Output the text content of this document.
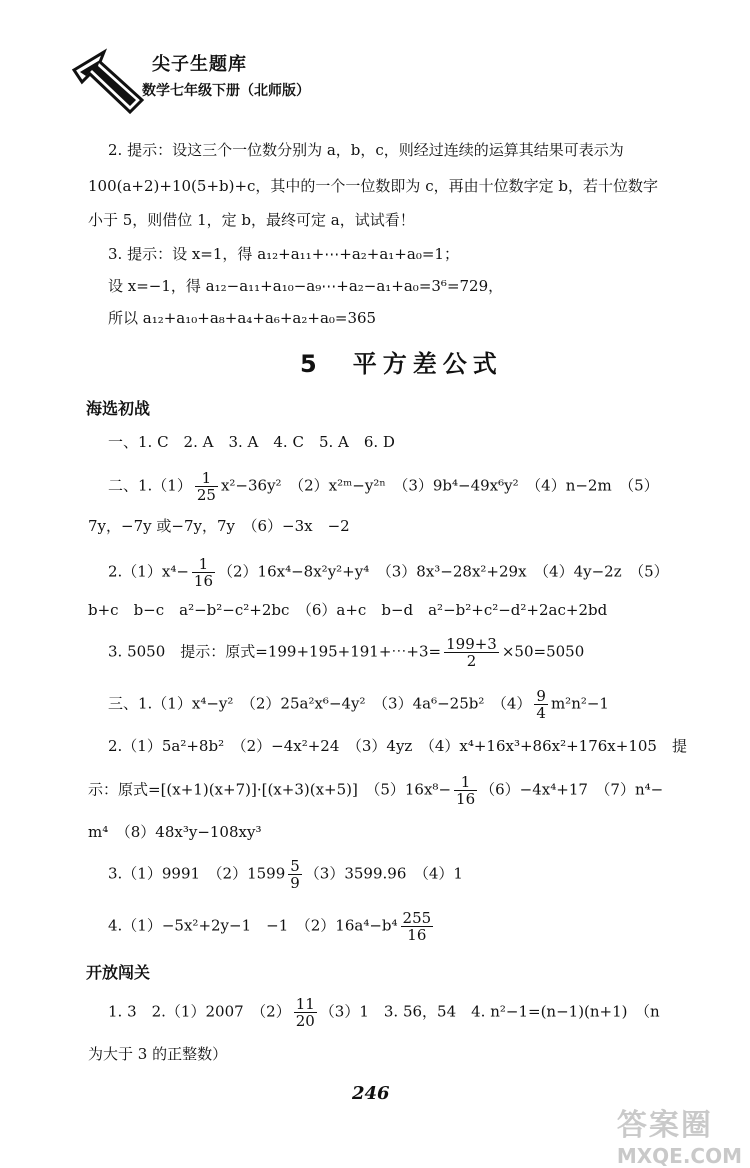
尖子生题库
数学七年级下册（北师版）
2. 提示：设这三个一位数分别为 a，b，c，则经过连续的运算其结果可表示为
100(a+2)+10(5+b)+c，其中的一个一位数即为 c，再由十位数字定 b，若十位数字
小于 5，则借位 1，定 b，最终可定 a，试试看！
3. 提示：设 x=1，得 a₁₂+a₁₁+⋯+a₂+a₁+a₀=1；
设 x=−1，得 a₁₂−a₁₁+a₁₀−a₉⋯+a₂−a₁+a₀=3⁶=729，
所以 a₁₂+a₁₀+a₈+a₄+a₆+a₂+a₀=365
5　平方差公式
海选初战
一、1. C　2. A　3. A　4. C　5. A　6. D
二、$1.(1) \frac{1}{25} x^2-36y^2$　（2）x²ᵐ−y²ⁿ　（3）9b⁴−49x⁶y²　（4）n−2m　（5）
7y，−7y 或−7y，7y　（6）−3x　−2
$2.(1)x^4- \frac{1}{16} (2)16x^4-8x^2y^2+y^4$　（3）8x³−28x²+29x　（4）4y−2z　（5）
b+c　b−c　a²−b²−c²+2bc　（6）a+c　b−d　a²−b²+c²−d²+2ac+2bd
3. 5050　提示：原式=199+195+191+⋯+3= $\frac{199+3}{2} \times 50=5050$
三、1.（1）x⁴−y²　（2）25a²x⁶−4y²　（3）4a⁶−25b²　$(4) \frac{9}{4} m^2n^2-1$
2.（1）5a²+8b²　（2）−4x²+24　（3）4yz　（4）x⁴+16x³+86x²+176x+105　提
示：原式=[(x+1)(x+7)]·[(x+3)(x+5)]　$(5)16x^8- \frac{1}{16} (6)-4x^4+17$　（7）n⁴−
m⁴　（8）48x³y−108xy³
3.（1）9991　$(2)1599 \frac{5}{9} (3)3599.96$　（4）1
4.（1）−5x²+2y−1　−1　$(2)16a^4-b^4 \frac{255}{16}$
开放闯关
1. 3　2.（1）2007　$(2) \frac{11}{20} (3)1$　3. 56，54　4. n²−1=(n−1)(n+1)　（n
为大于 3 的正整数）
246
答案圈
MXQE.COM
